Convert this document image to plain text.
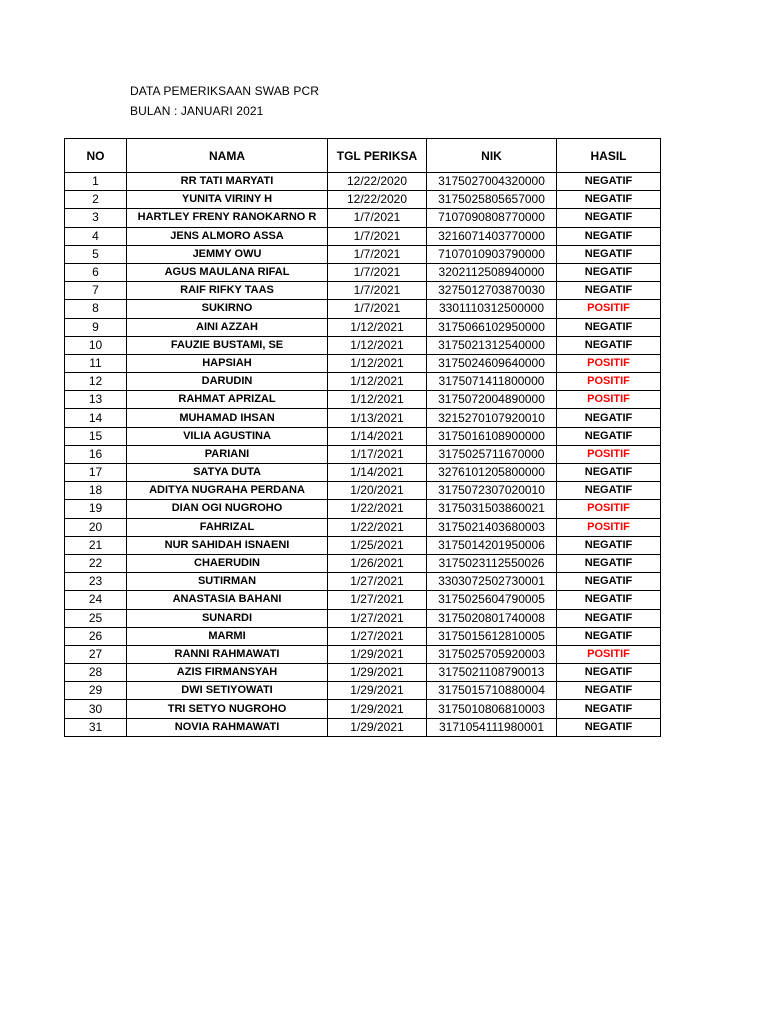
DATA PEMERIKSAAN SWAB PCR
BULAN : JANUARI 2021
NO	NAMA	TGL PERIKSA	NIK	HASIL
1	RR TATI MARYATI	12/22/2020	3175027004320000	NEGATIF
2	YUNITA VIRINY H	12/22/2020	3175025805657000	NEGATIF
3	HARTLEY FRENY RANOKARNO R	1/7/2021	7107090808770000	NEGATIF
4	JENS ALMORO ASSA	1/7/2021	3216071403770000	NEGATIF
5	JEMMY OWU	1/7/2021	7107010903790000	NEGATIF
6	AGUS MAULANA RIFAL	1/7/2021	3202112508940000	NEGATIF
7	RAIF RIFKY TAAS	1/7/2021	3275012703870030	NEGATIF
8	SUKIRNO	1/7/2021	3301110312500000	POSITIF
9	AINI AZZAH	1/12/2021	3175066102950000	NEGATIF
10	FAUZIE BUSTAMI, SE	1/12/2021	3175021312540000	NEGATIF
11	HAPSIAH	1/12/2021	3175024609640000	POSITIF
12	DARUDIN	1/12/2021	3175071411800000	POSITIF
13	RAHMAT APRIZAL	1/12/2021	3175072004890000	POSITIF
14	MUHAMAD IHSAN	1/13/2021	3215270107920010	NEGATIF
15	VILIA AGUSTINA	1/14/2021	3175016108900000	NEGATIF
16	PARIANI	1/17/2021	3175025711670000	POSITIF
17	SATYA DUTA	1/14/2021	3276101205800000	NEGATIF
18	ADITYA NUGRAHA PERDANA	1/20/2021	3175072307020010	NEGATIF
19	DIAN OGI NUGROHO	1/22/2021	3175031503860021	POSITIF
20	FAHRIZAL	1/22/2021	3175021403680003	POSITIF
21	NUR SAHIDAH ISNAENI	1/25/2021	3175014201950006	NEGATIF
22	CHAERUDIN	1/26/2021	3175023112550026	NEGATIF
23	SUTIRMAN	1/27/2021	3303072502730001	NEGATIF
24	ANASTASIA BAHANI	1/27/2021	3175025604790005	NEGATIF
25	SUNARDI	1/27/2021	3175020801740008	NEGATIF
26	MARMI	1/27/2021	3175015612810005	NEGATIF
27	RANNI RAHMAWATI	1/29/2021	3175025705920003	POSITIF
28	AZIS FIRMANSYAH	1/29/2021	3175021108790013	NEGATIF
29	DWI SETIYOWATI	1/29/2021	3175015710880004	NEGATIF
30	TRI SETYO NUGROHO	1/29/2021	3175010806810003	NEGATIF
31	NOVIA RAHMAWATI	1/29/2021	3171054111980001	NEGATIF
